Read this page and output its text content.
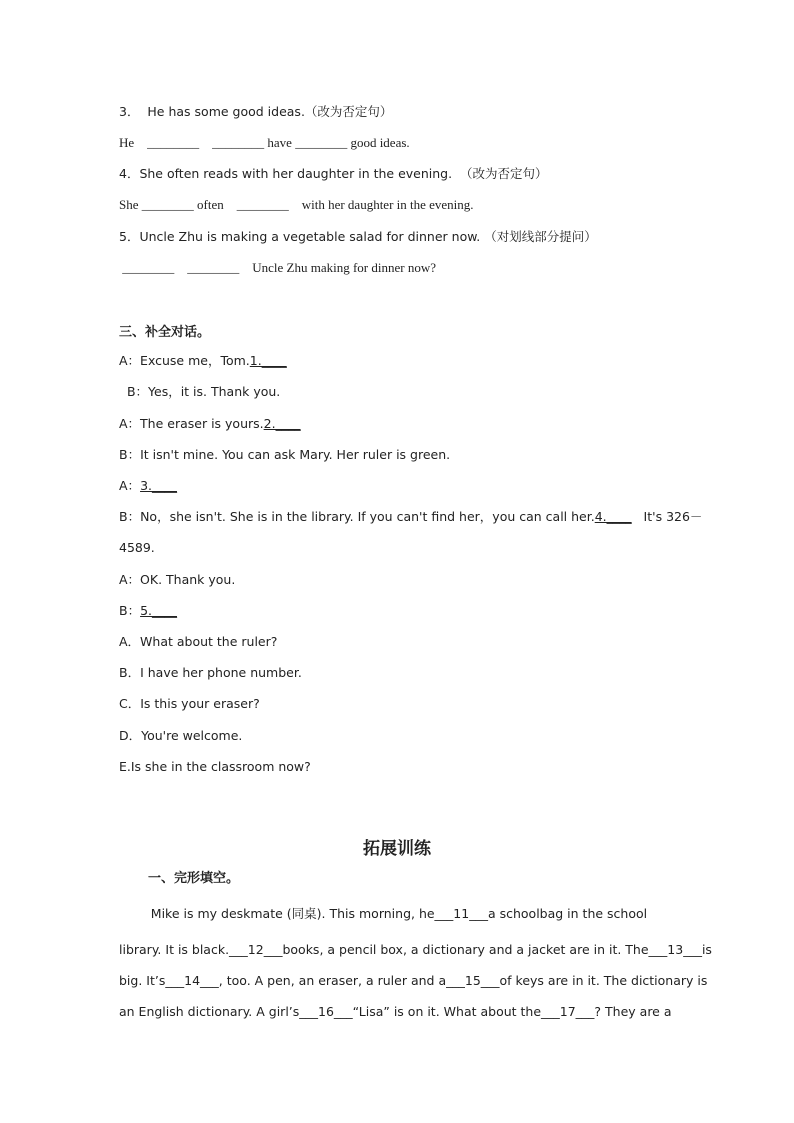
3．  He has some good ideas.（改为否定句）
He    ________    ________ have ________ good ideas.
4．She often reads with her daughter in the evening.  （改为否定句）
She ________ often    ________    with her daughter in the evening.
5．Uncle Zhu is making a vegetable salad for dinner now. （对划线部分提问）
________    ________    Uncle Zhu making for dinner now?
三、补全对话。
A：Excuse me，Tom.1.____
B：Yes，it is. Thank you.
A：The eraser is yours.2.____
B：It isn't mine. You can ask Mary. Her ruler is green.
A：3.____
B：No，she isn't. She is in the library. If you can't find her，you can call her.4.____   It's 326－
4589.
A：OK. Thank you.
B：5.____
A．What about the ruler?
B．I have her phone number.
C．Is this your eraser?
D．You're welcome.
E.Is she in the classroom now?
拓展训练
一、完形填空。
Mike is my deskmate (同桌). This morning, he___11___a schoolbag in the school
library. It is black.___12___books, a pencil box, a dictionary and a jacket are in it. The___13___is
big. It’s___14___, too. A pen, an eraser, a ruler and a___15___of keys are in it. The dictionary is
an English dictionary. A girl’s___16___“Lisa” is on it. What about the___17___? They are a
